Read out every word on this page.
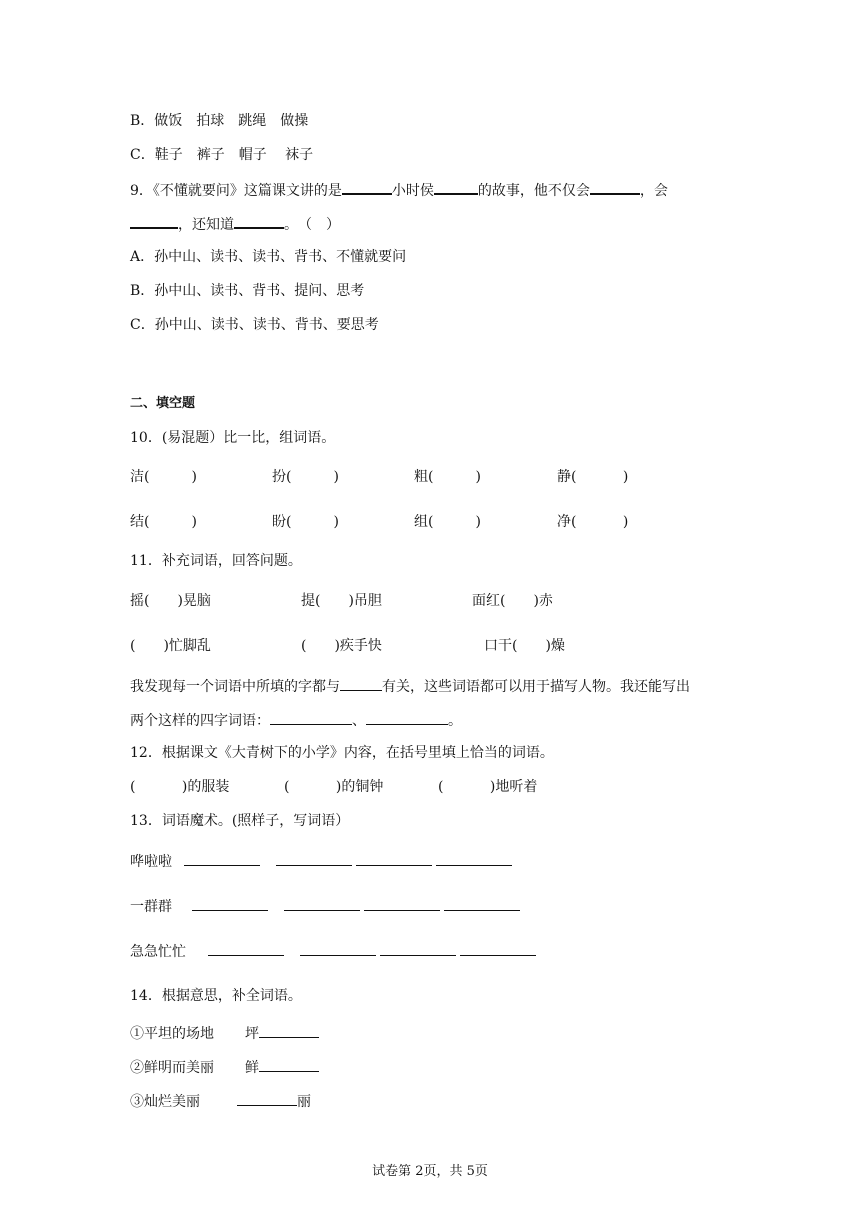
B．做饭　拍球　跳绳　做操
C．鞋子　裤子　帽子　 袜子
9．《不懂就要问》这篇课文讲的是	小时侯	的故事，他不仅会	，会
，还知道	。　（　）
A．孙中山、读书、读书、背书、不懂就要问
B．孙中山、读书、背书、提问、思考
C．孙中山、读书、读书、背书、要思考
二、填空题
10．(易混题）比一比，组词语。
洁(　　　)	扮(　　　)	粗(　　　)	静(　　　 )
结(　　　)	盼(　　　)	组(　　　)	净(　　　 )
11．补充词语，回答问题。
摇(　　)晃脑	提(　　)吊胆	面红(　　)赤
(　　)忙脚乱	(　　)疾手快	口干(　　)燥
我发现每一个词语中所填的字都与	有关，这些词语都可以用于描写人物。我还能写出
两个这样的四字词语：	、	。
12．根据课文《大青树下的小学》内容，在括号里填上恰当的词语。
(　　　 )的服装	(　　　 )的铜钟	(　　　 )地听着
13．词语魔术。(照样子，写词语）
哗啦啦
一群群
急急忙忙
14．根据意思，补全词语。
①平坦的场地 坪
②鲜明而美丽 鲜
③灿烂美丽	丽
试卷第 2页，共 5页
